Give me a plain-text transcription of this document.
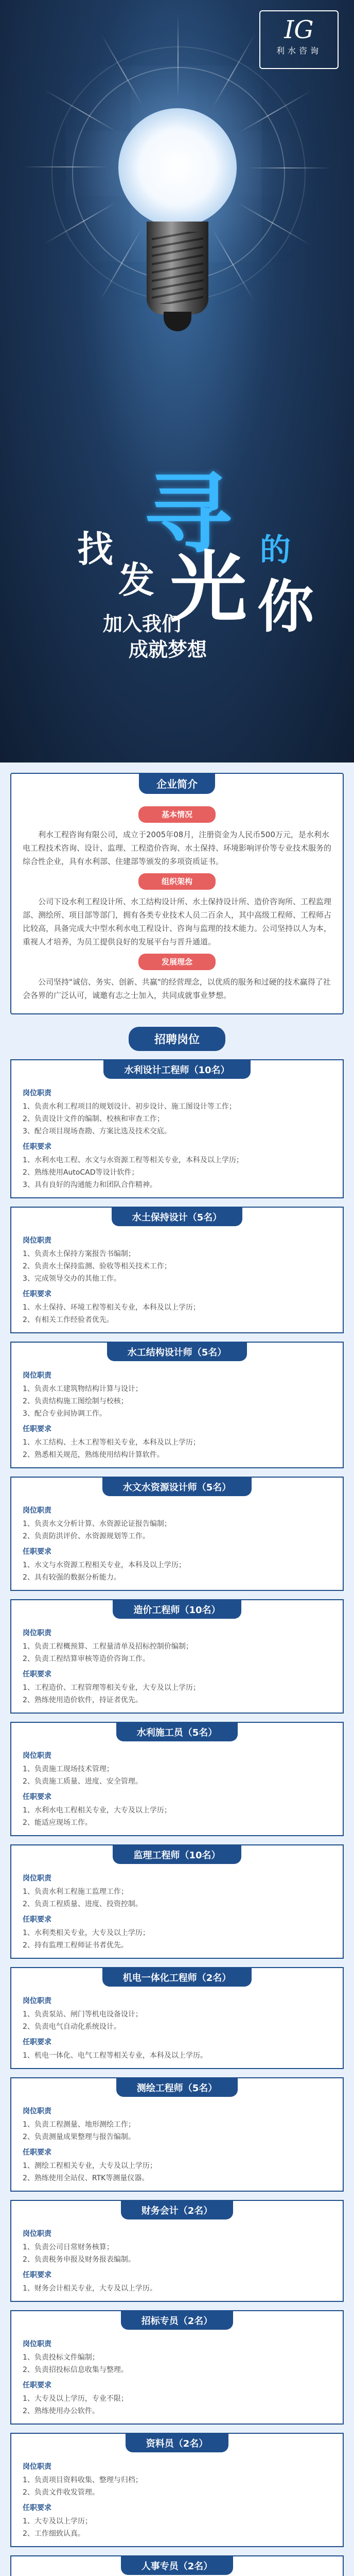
IG
利水咨询
寻
找
发 光 的
你
加入我们
成就梦想
企业简介
基本情况

利水工程咨询有限公司，成立于2005年08月，注册资金为人民币500万元，是水利水电工程技术咨询、设计、监理、工程造价咨询、水土保持、环境影响评价等专业技术服务的综合性企业，具有水利部、住建部等颁发的多项资质证书。

组织架构

公司下设水利工程设计所、水工结构设计所、水土保持设计所、造价咨询所、工程监理部、测绘所、项目部等部门，拥有各类专业技术人员二百余人，其中高级工程师、工程师占比较高，具备完成大中型水利水电工程设计、咨询与监理的技术能力。公司坚持以人为本，重视人才培养，为员工提供良好的发展平台与晋升通道。

发展理念

公司坚持"诚信、务实、创新、共赢"的经营理念，以优质的服务和过硬的技术赢得了社会各界的广泛认可，诚邀有志之士加入，共同成就事业梦想。

招聘岗位
水利设计工程师（10名）
岗位职责

1、负责水利工程项目的规划设计、初步设计、施工图设计等工作；

2、负责设计文件的编制、校核和审查工作；

3、配合项目现场查勘、方案比选及技术交底。

任职要求

1、水利水电工程、水文与水资源工程等相关专业，本科及以上学历；

2、熟练使用AutoCAD等设计软件；

3、具有良好的沟通能力和团队合作精神。

水土保持设计（5名）
岗位职责

1、负责水土保持方案报告书编制；

2、负责水土保持监测、验收等相关技术工作；

3、完成领导交办的其他工作。

任职要求

1、水土保持、环境工程等相关专业，本科及以上学历；

2、有相关工作经验者优先。

水工结构设计师（5名）
岗位职责

1、负责水工建筑物结构计算与设计；

2、负责结构施工图绘制与校核；

3、配合专业间协调工作。

任职要求

1、水工结构、土木工程等相关专业，本科及以上学历；

2、熟悉相关规范，熟练使用结构计算软件。

水文水资源设计师（5名）
岗位职责

1、负责水文分析计算、水资源论证报告编制；

2、负责防洪评价、水资源规划等工作。

任职要求

1、水文与水资源工程相关专业，本科及以上学历；

2、具有较强的数据分析能力。

造价工程师（10名）
岗位职责

1、负责工程概预算、工程量清单及招标控制价编制；

2、负责工程结算审核等造价咨询工作。

任职要求

1、工程造价、工程管理等相关专业，大专及以上学历；

2、熟练使用造价软件，持证者优先。

水利施工员（5名）
岗位职责

1、负责施工现场技术管理；

2、负责施工质量、进度、安全管理。

任职要求

1、水利水电工程相关专业，大专及以上学历；

2、能适应现场工作。

监理工程师（10名）
岗位职责

1、负责水利工程施工监理工作；

2、负责工程质量、进度、投资控制。

任职要求

1、水利类相关专业，大专及以上学历；

2、持有监理工程师证书者优先。

机电一体化工程师（2名）
岗位职责

1、负责泵站、闸门等机电设备设计；

2、负责电气自动化系统设计。

任职要求

1、机电一体化、电气工程等相关专业，本科及以上学历。

测绘工程师（5名）
岗位职责

1、负责工程测量、地形测绘工作；

2、负责测量成果整理与报告编制。

任职要求

1、测绘工程相关专业，大专及以上学历；

2、熟练使用全站仪、RTK等测量仪器。

财务会计（2名）
岗位职责

1、负责公司日常财务核算；

2、负责税务申报及财务报表编制。

任职要求

1、财务会计相关专业，大专及以上学历。

招标专员（2名）
岗位职责

1、负责投标文件编制；

2、负责招投标信息收集与整理。

任职要求

1、大专及以上学历，专业不限；

2、熟练使用办公软件。

资料员（2名）
岗位职责

1、负责项目资料收集、整理与归档；

2、负责文件收发管理。

任职要求

1、大专及以上学历；

2、工作细致认真。

人事专员（2名）
